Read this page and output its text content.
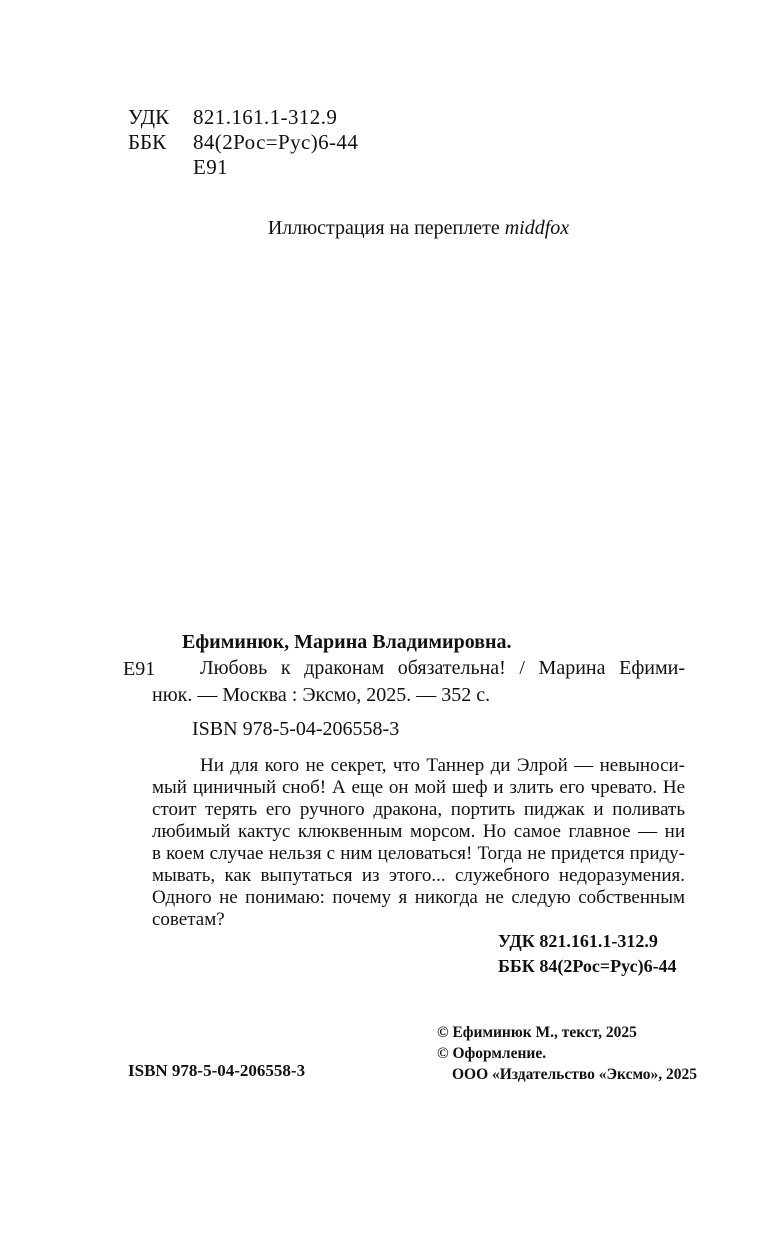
УДК 821.161.1-312.9
ББК 84(2Рос=Рус)6-44
Е91
Иллюстрация на переплете middfox
Ефиминюк, Марина Владимировна.
Е91 Любовь к драконам обязательна! / Марина Ефими-
нюк. — Москва : Эксмо, 2025. — 352 с.
ISBN 978-5-04-206558-3
Ни для кого не секрет, что Таннер ди Элрой — невыноси-
мый циничный сноб! А еще он мой шеф и злить его чревато. Не
стоит терять его ручного дракона, портить пиджак и поливать
любимый кактус клюквенным морсом. Но самое главное — ни
в коем случае нельзя с ним целоваться! Тогда не придется приду-
мывать, как выпутаться из этого... служебного недоразумения.
Одного не понимаю: почему я никогда не следую собственным
советам?
УДК 821.161.1-312.9
ББК 84(2Рос=Рус)6-44
© Ефиминюк М., текст, 2025
© Оформление.
ООО «Издательство «Эксмо», 2025
ISBN 978-5-04-206558-3
